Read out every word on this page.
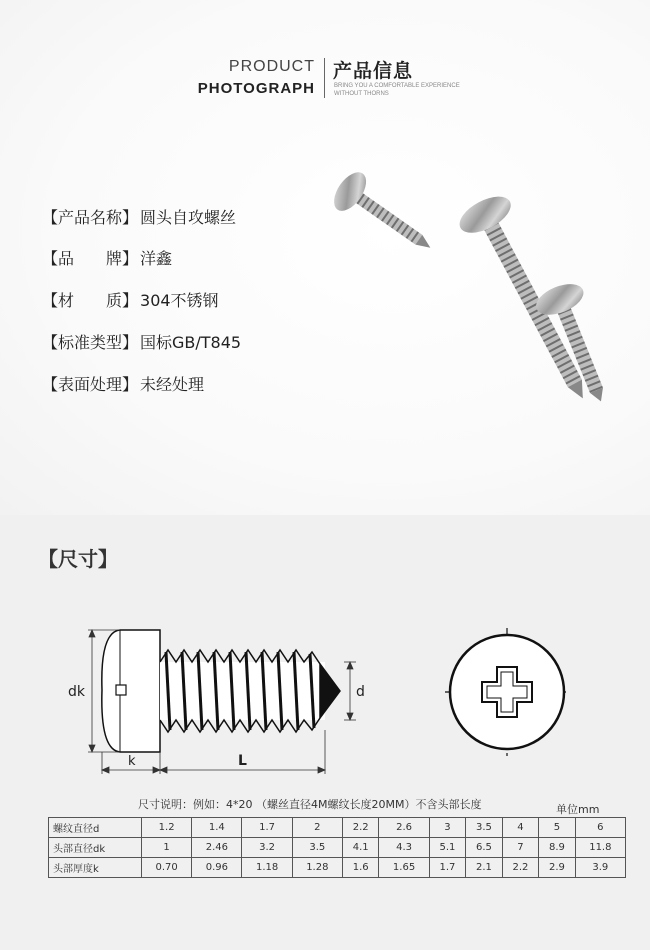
PRODUCT
PHOTOGRAPH
产品信息
BRING YOU A COMFORTABLE EXPERIENCE
WITHOUT THORNS
【产品名称】 圆头自攻螺丝
【品　　牌】 洋鑫
【材　　质】 304不锈钢
【标准类型】 国标GB/T845
【表面处理】 未经处理
【尺寸】
dk
k	L
d
尺寸说明：例如：4*20 （螺丝直径4M螺纹长度20MM）不含头部长度	单位mm
螺纹直径d	1.2	1.4	1.7	2	2.2	2.6	3	3.5	4	5	6
头部直径dk	1	2.46	3.2	3.5	4.1	4.3	5.1	6.5	7	8.9	11.8
头部厚度k	0.70	0.96	1.18	1.28	1.6	1.65	1.7	2.1	2.2	2.9	3.9
